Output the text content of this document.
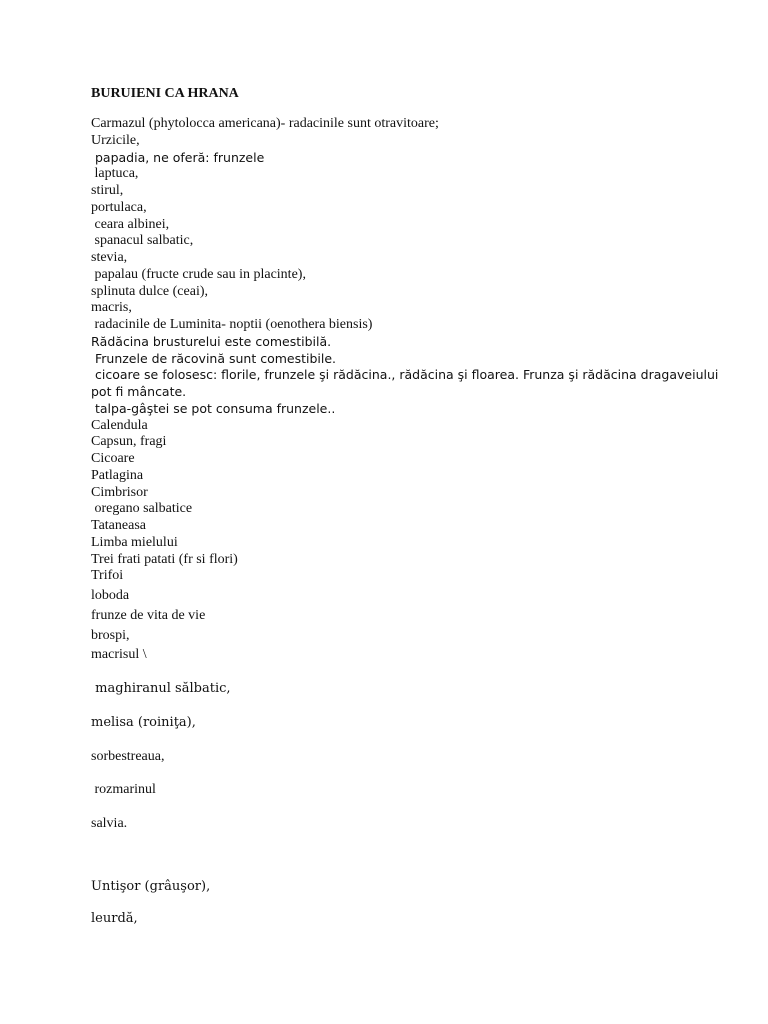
BURUIENI CA HRANA
Carmazul (phytolocca americana)- radacinile sunt otravitoare;
Urzicile,
papadia, ne oferă: frunzele
laptuca,
stirul,
portulaca,
ceara albinei,
spanacul salbatic,
stevia,
papalau (fructe crude sau in placinte),
splinuta dulce (ceai),
macris,
radacinile de Luminita- noptii (oenothera biensis)
Rădăcina brusturelui este comestibilă.
Frunzele de răcovină sunt comestibile.
cicoare se folosesc: florile, frunzele şi rădăcina., rădăcina şi floarea. Frunza şi rădăcina dragaveiului pot fi mâncate.
talpa-gâştei se pot consuma frunzele..
Calendula
Capsun, fragi
Cicoare
Patlagina
Cimbrisor
oregano salbatice
Tataneasa
Limba mielului
Trei frati patati (fr si flori)
Trifoi
loboda
frunze de vita de vie
brospi,
macrisul \
maghiranul sălbatic,
melisa (roiniţa),
sorbestreaua,
rozmarinul
salvia.
Untişor (grâuşor),
leurdă,
